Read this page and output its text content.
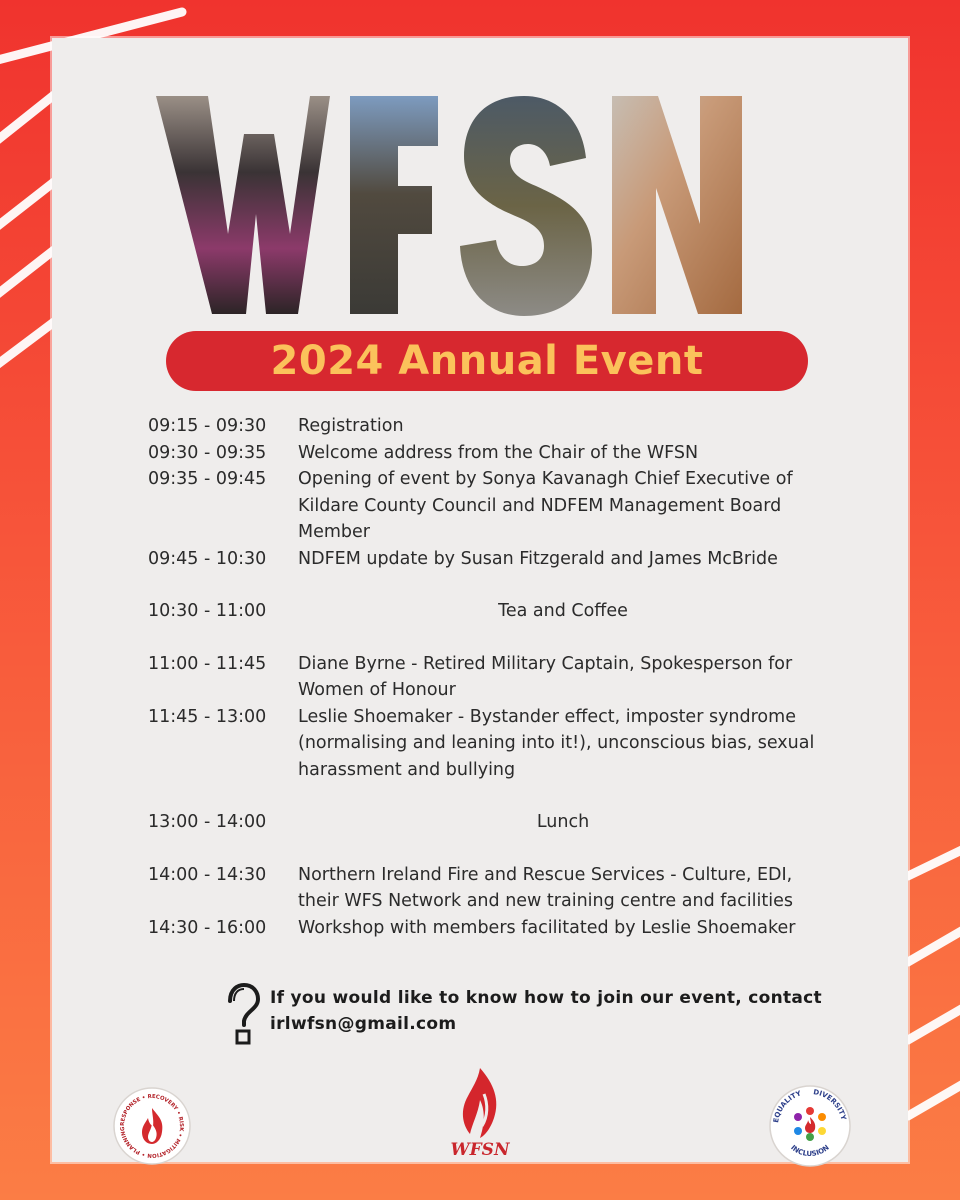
2024 Annual Event
09:15 - 09:30	Registration
09:30 - 09:35	Welcome address from the Chair of the WFSN
09:35 - 09:45	Opening of event by Sonya Kavanagh Chief Executive of Kildare County Council and NDFEM Management Board Member
09:45 - 10:30	NDFEM update by Susan Fitzgerald and James McBride
10:30 - 11:00	Tea and Coffee
11:00 - 11:45	Diane Byrne - Retired Military Captain, Spokesperson for Women of Honour
11:45 - 13:00	Leslie Shoemaker - Bystander effect, imposter syndrome (normalising and leaning into it!), unconscious bias, sexual harassment and bullying
13:00 - 14:00	Lunch
14:00 - 14:30	Northern Ireland Fire and Rescue Services - Culture, EDI, their WFS Network and new training centre and facilities
14:30 - 16:00	Workshop with members facilitated by Leslie Shoemaker
If you would like to know how to join our event, contact
irlwfsn@gmail.com
RESPONSE • RECOVERY • RISK • MITIGATION • PLANNING
WFSN
EQUALITY DIVERSITY
INCLUSION
